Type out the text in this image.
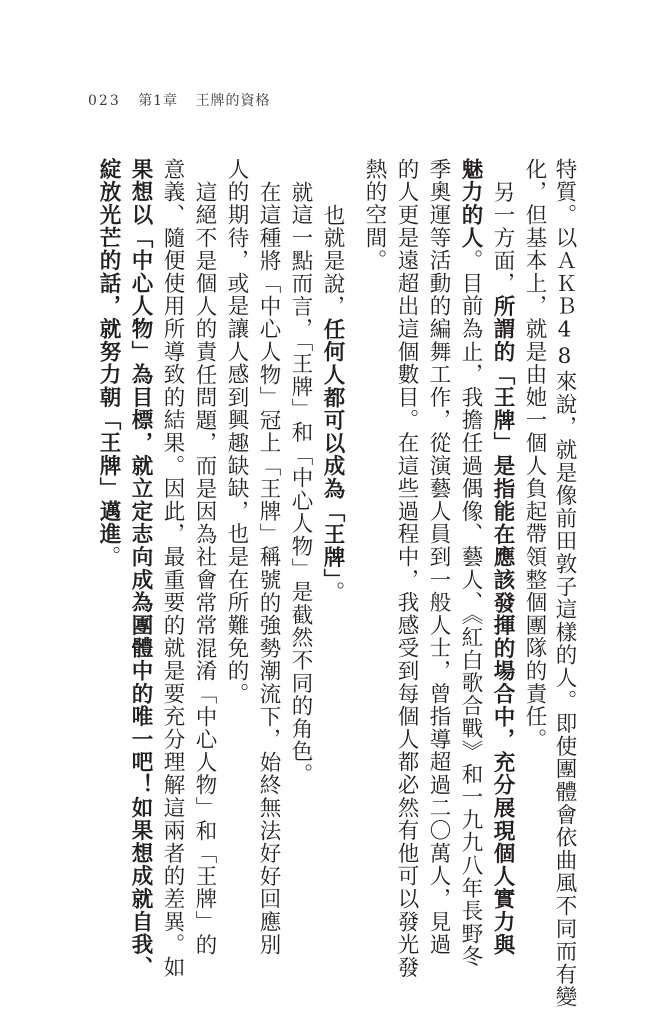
023 第1章 王牌的資格
特質。以ＡＫＢ48來說，就是像前田敦子這樣的人。即使團體會依曲風不同而有變
化，但基本上，就是由她一個人負起帶領整個團隊的責任。
另一方面，所謂的「王牌」是指能在應該發揮的場合中，充分展現個人實力與
魅力的人。目前為止，我擔任過偶像、藝人、《紅白歌合戰》和一九九八年長野冬
季奧運等活動的編舞工作，從演藝人員到一般人士，曾指導超過二〇萬人，見過
的人更是遠超出這個數目。在這些過程中，我感受到每個人都必然有他可以發光發
熱的空間。
也就是說，任何人都可以成為「王牌」。
就這一點而言，「王牌」和「中心人物」是截然不同的角色。
在這種將「中心人物」冠上「王牌」稱號的強勢潮流下，始終無法好好回應別
人的期待，或是讓人感到興趣缺缺，也是在所難免的。
這絕不是個人的責任問題，而是因為社會常常混淆「中心人物」和「王牌」的
意義、隨便使用所導致的結果。因此，最重要的就是要充分理解這兩者的差異。如
果想以「中心人物」為目標，就立定志向成為團體中的唯一吧！如果想成就自我、
綻放光芒的話，就努力朝「王牌」邁進。
